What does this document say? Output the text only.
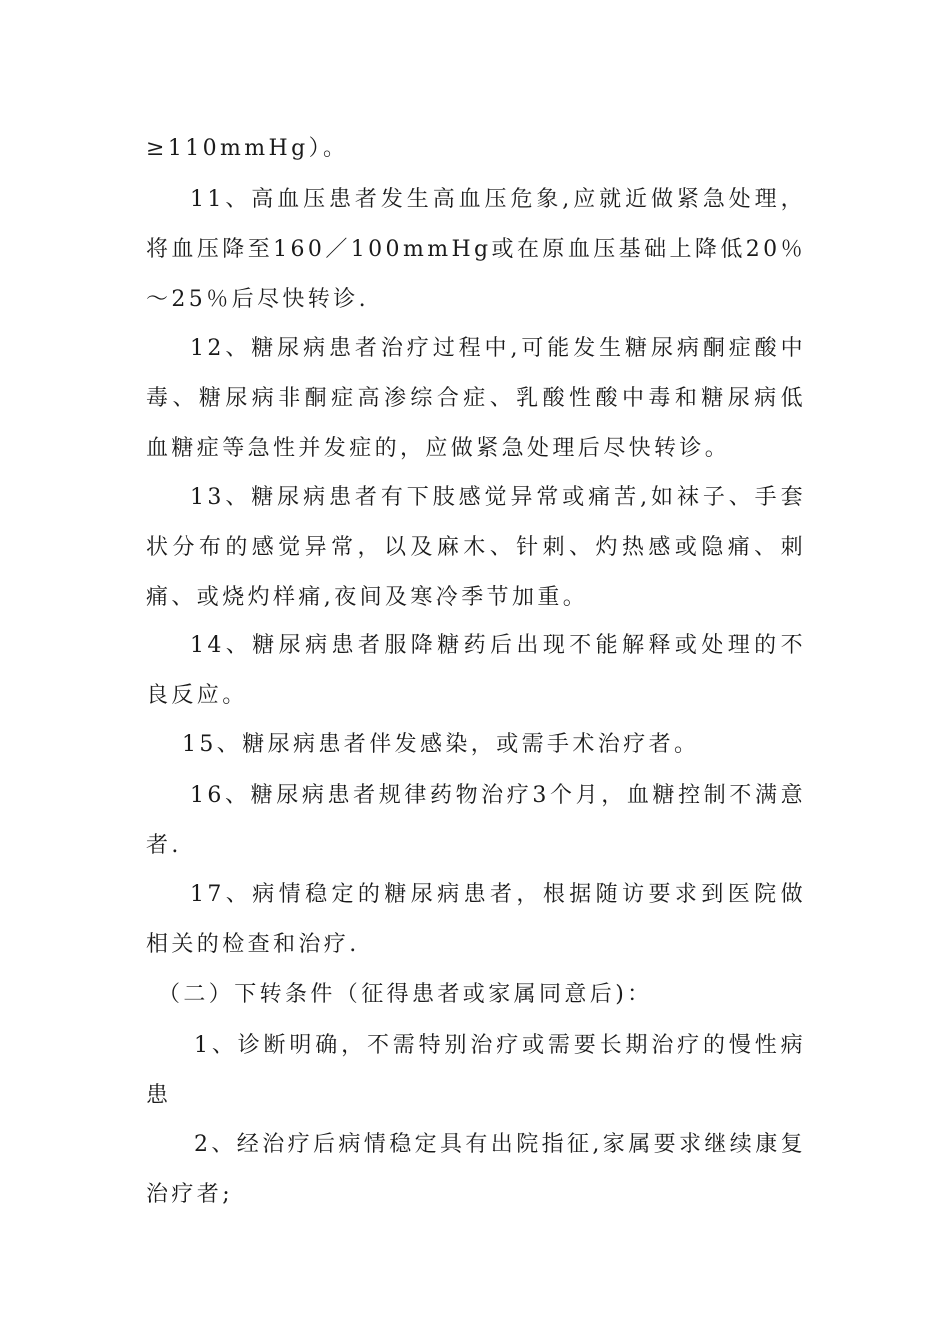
≥110mmHg）。

11、高血压患者发生高血压危象,应就近做紧急处理，将血压降至160／100mmHg或在原血压基础上降低20％～25％后尽快转诊.

12、糖尿病患者治疗过程中,可能发生糖尿病酮症酸中毒、糖尿病非酮症高渗综合症、乳酸性酸中毒和糖尿病低血糖症等急性并发症的，应做紧急处理后尽快转诊。

13、糖尿病患者有下肢感觉异常或痛苦,如袜子、手套状分布的感觉异常，以及麻木、针刺、灼热感或隐痛、刺痛、或烧灼样痛,夜间及寒冷季节加重。

14、糖尿病患者服降糖药后出现不能解释或处理的不良反应。

15、糖尿病患者伴发感染，或需手术治疗者。

16、糖尿病患者规律药物治疗3个月，血糖控制不满意者.

17、病情稳定的糖尿病患者，根据随访要求到医院做相关的检查和治疗.

（二）下转条件（征得患者或家属同意后)：

1、诊断明确，不需特别治疗或需要长期治疗的慢性病患

2、经治疗后病情稳定具有出院指征,家属要求继续康复治疗者;
